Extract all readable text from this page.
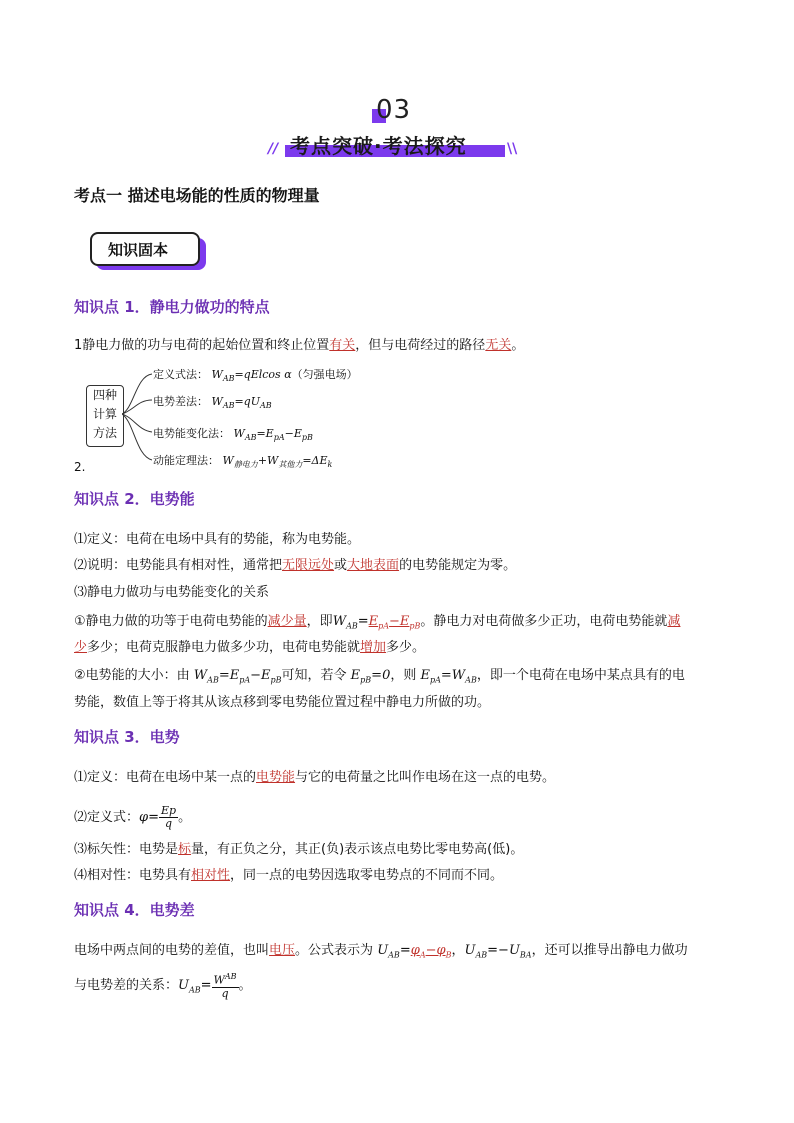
03
// 考点突破·考法探究	\\
考点一 描述电场能的性质的物理量
知识固本
知识点 1．静电力做功的特点
1静电力做的功与电荷的起始位置和终止位置有关，但与电荷经过的路径无关。
四种
计算
方法
定义式法： $W_{AB}=qElcos$ α（匀强电场）
电势差法： $W_{AB}=qU_{AB}$
电势能变化法： $W_{AB}=E_{pA}-E_{pB}$
动能定理法： $W_{静电力}+W_{其他力}=\Delta E_k$
2.
知识点 2．电势能
⑴定义：电荷在电场中具有的势能，称为电势能。
⑵说明：电势能具有相对性，通常把无限远处或大地表面的电势能规定为零。
⑶静电力做功与电势能变化的关系
①静电力做的功等于电荷电势能的减少量，即$W_{AB}=E_{pA}-E_{pB}$。静电力对电荷做多少正功，电荷电势能就减
少多少；电荷克服静电力做多少功，电荷电势能就增加多少。
②电势能的大小：由 $W_{AB}=E_{pA}-E_{pB}$可知，若令 $E_{pB}=0$，则 $E_{pA}=W_{AB}$，即一个电荷在电场中某点具有的电
势能，数值上等于将其从该点移到零电势能位置过程中静电力所做的功。
知识点 3．电势
⑴定义：电荷在电场中某一点的电势能与它的电荷量之比叫作电场在这一点的电势。
⑵定义式：$\varphi= \frac{Ep}{q}$ 。
⑶标矢性：电势是标量，有正负之分，其正(负)表示该点电势比零电势高(低)。
⑷相对性：电势具有相对性，同一点的电势因选取零电势点的不同而不同。
知识点 4．电势差
电场中两点间的电势的差值，也叫电压。公式表示为 $U_{AB}=\varphi_A-\varphi_B$，$U_{AB}=-U_{BA}$，还可以推导出静电力做功
与电势差的关系：$U_{AB}= \frac{W^{AB}}{q}$ 。
